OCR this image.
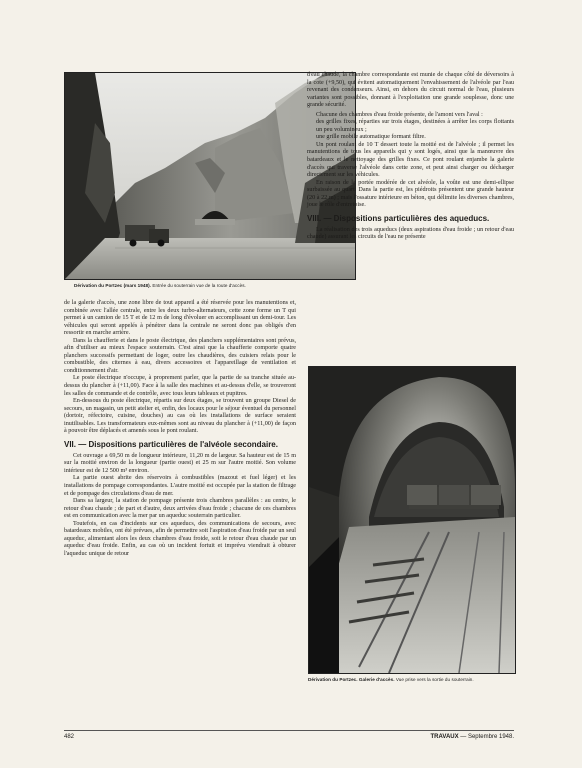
Dérivation du Portzec (mars 1948). Entrée du souterrain vue de la route d'accès.

de la galerie d'accès, une zone libre de tout appareil a été réservée pour les manutentions et, combinée avec l'allée centrale, entre les deux turbo-alternateurs, cette zone forme un T qui permet à un camion de 15 T et de 12 m de long d'évoluer en accomplissant un demi-tour. Les véhicules qui seront appelés à pénétrer dans la centrale ne seront donc pas obligés d'en ressortir en marche arrière.

Dans la chaufferie et dans le poste électrique, des planchers supplémentaires sont prévus, afin d'utiliser au mieux l'espace souterrain. C'est ainsi que la chaufferie comporte quatre planchers successifs permettant de loger, outre les chaudières, des cuisiers relais pour le combustible, des citernes à eau, divers accessoires et l'appareillage de ventilation et conditionnement d'air.

Le poste électrique n'occupe, à proprement parler, que la partie de sa tranche située au-dessus du plancher à (+11,00). Face à la salle des machines et au-dessus d'elle, se trouveront les salles de commande et de contrôle, avec tous leurs tableaux et pupitres.

En-dessous du poste électrique, répartis sur deux étages, se trouvent un groupe Diesel de secours, un magasin, un petit atelier et, enfin, des locaux pour le séjour éventuel du personnel (dortoir, réfectoire, cuisine, douches) au cas où les installations de surface seraient inutilisables. Les transformateurs eux-mêmes sont au niveau du plancher à (+11,00) de façon à pouvoir être déplacés et amenés sous le pont roulant.

VII. — Dispositions particulières de l'alvéole secondaire.

Cet ouvrage a 69,50 m de longueur intérieure, 11,20 m de largeur. Sa hauteur est de 15 m sur la moitié environ de la longueur (partie ouest) et 25 m sur l'autre moitié. Son volume intérieur est de 12 500 m³ environ.

La partie ouest abrite des réservoirs à combustibles (mazout et fuel léger) et les installations de pompage correspondantes. L'autre moitié est occupée par la station de filtrage et de pompage des circulations d'eau de mer.

Dans sa largeur, la station de pompage présente trois chambres parallèles : au centre, le retour d'eau chaude ; de part et d'autre, deux arrivées d'eau froide ; chacune de ces chambres est en communication avec la mer par un aqueduc souterrain particulier.

Toutefois, en cas d'incidents sur ces aqueducs, des communications de secours, avec batardeaux mobiles, ont été prévues, afin de permettre soit l'aspiration d'eau froide par un seul aqueduc, alimentant alors les deux chambres d'eau froide, soit le retour d'eau chaude par un aqueduc d'eau froide. Enfin, au cas où un incident fortuit et imprévu viendrait à obturer l'aqueduc unique de retour

d'eau chaude, la chambre correspondante est munie de chaque côté de déversoirs à la cote (+9,50), qui évitent automatiquement l'envahissement de l'alvéole par l'eau revenant des condenseurs. Ainsi, en dehors du circuit normal de l'eau, plusieurs variantes sont possibles, donnant à l'exploitation une grande souplesse, donc une grande sécurité.

Chacune des chambres d'eau froide présente, de l'amont vers l'aval :

des grilles fixes, réparties sur trois étages, destinées à arrêter les corps flottants un peu volumineux ;

une grille mobile automatique formant filtre.

Un pont roulant de 10 T dessert toute la moitié est de l'alvéole ; il permet les manutentions de tous les appareils qui y sont logés, ainsi que la manœuvre des batardeaux et le nettoyage des grilles fixes. Ce pont roulant enjambe la galerie d'accès qui traverse l'alvéole dans cette zone, et peut ainsi charger ou décharger directement sur les véhicules.

En raison de la portée modérée de cet alvéole, la voûte est une demi-ellipse surbaissée au quart. Dans la partie est, les piédroits présentent une grande hauteur (20 à 22 m) ; mais l'ossature intérieure en béton, qui délimite les diverses chambres, joue le rôle d'entretoise.

VIII. — Dispositions particulières des aqueducs.

La réalisation des trois aqueducs (deux aspirations d'eau froide ; un retour d'eau chaude) assurant les circuits de l'eau ne présente

Dérivation du Portzec. Galerie d'accès. Vue prise vers la sortie du souterrain.
482	TRAVAUX — Septembre 1948.
